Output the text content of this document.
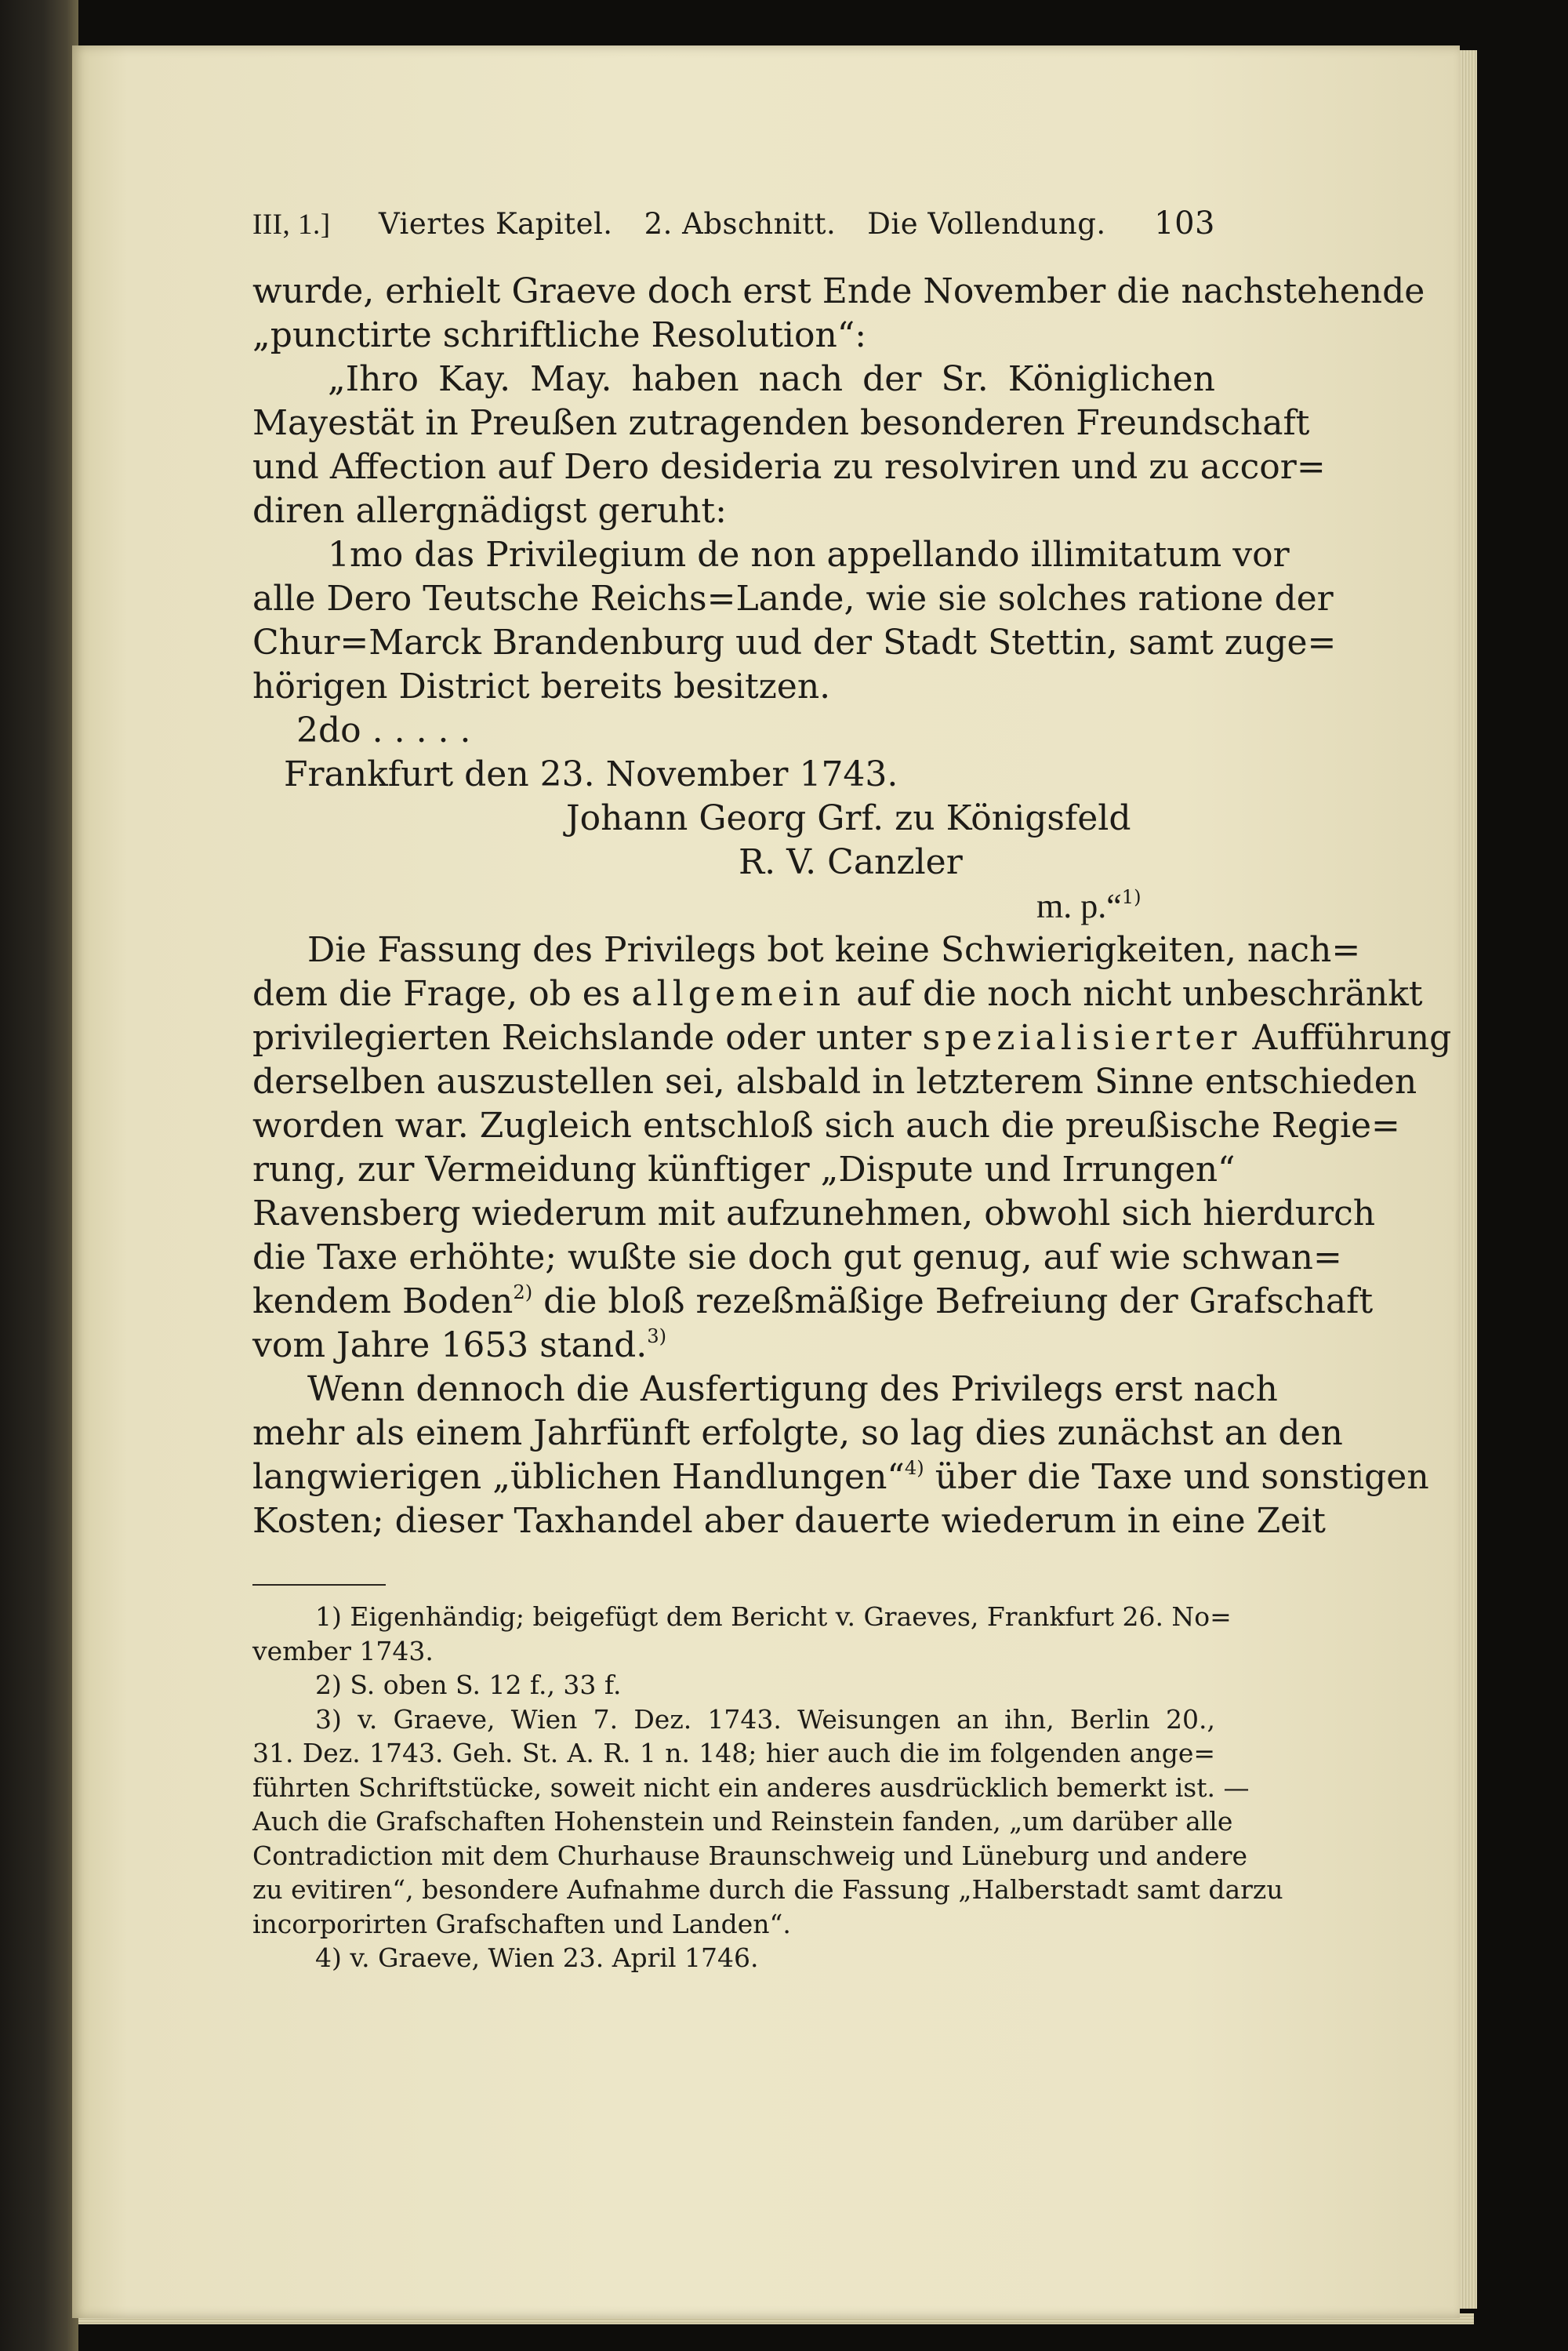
III, 1.] Viertes Kapitel. 2. Abschnitt. Die Vollendung. 103
wurde, erhielt Graeve doch erst Ende November die nachstehende
„punctirte schriftliche Resolution“:
„Ihro Kay. May. haben nach der Sr. Königlichen
Mayestät in Preußen zutragenden besonderen Freundschaft
und Affection auf Dero desideria zu resolviren und zu accor=
diren allergnädigst geruht:
1mo das Privilegium de non appellando illimitatum vor
alle Dero Teutsche Reichs=Lande, wie sie solches ratione der
Chur=Marck Brandenburg uud der Stadt Stettin, samt zuge=
hörigen District bereits besitzen.
2do . . . . .
Frankfurt den 23. November 1743.
Johann Georg Grf. zu Königsfeld
R. V. Canzler
m. p.“$^{1)}$
Die Fassung des Privilegs bot keine Schwierigkeiten, nach=
dem die Frage, ob es allgemein auf die noch nicht unbeschränkt
privilegierten Reichslande oder unter spezialisierter Aufführung
derselben auszustellen sei, alsbald in letzterem Sinne entschieden
worden war. Zugleich entschloß sich auch die preußische Regie=
rung, zur Vermeidung künftiger „Dispute und Irrungen“
Ravensberg wiederum mit aufzunehmen, obwohl sich hierdurch
die Taxe erhöhte; wußte sie doch gut genug, auf wie schwan=
kendem Boden$^{2)}$ die bloß rezeßmäßige Befreiung der Grafschaft
vom Jahre 1653 stand.$^{3)}$
Wenn dennoch die Ausfertigung des Privilegs erst nach
mehr als einem Jahrfünft erfolgte, so lag dies zunächst an den
langwierigen „üblichen Handlungen“$^{4)}$ über die Taxe und sonstigen
Kosten; dieser Taxhandel aber dauerte wiederum in eine Zeit
1) Eigenhändig; beigefügt dem Bericht v. Graeves, Frankfurt 26. No=
vember 1743.
2) S. oben S. 12 f., 33 f.
3) v. Graeve, Wien 7. Dez. 1743. Weisungen an ihn, Berlin 20.,
31. Dez. 1743. Geh. St. A. R. 1 n. 148; hier auch die im folgenden ange=
führten Schriftstücke, soweit nicht ein anderes ausdrücklich bemerkt ist. —
Auch die Grafschaften Hohenstein und Reinstein fanden, „um darüber alle
Contradiction mit dem Churhause Braunschweig und Lüneburg und andere
zu evitiren“, besondere Aufnahme durch die Fassung „Halberstadt samt darzu
incorporirten Grafschaften und Landen“.
4) v. Graeve, Wien 23. April 1746.
